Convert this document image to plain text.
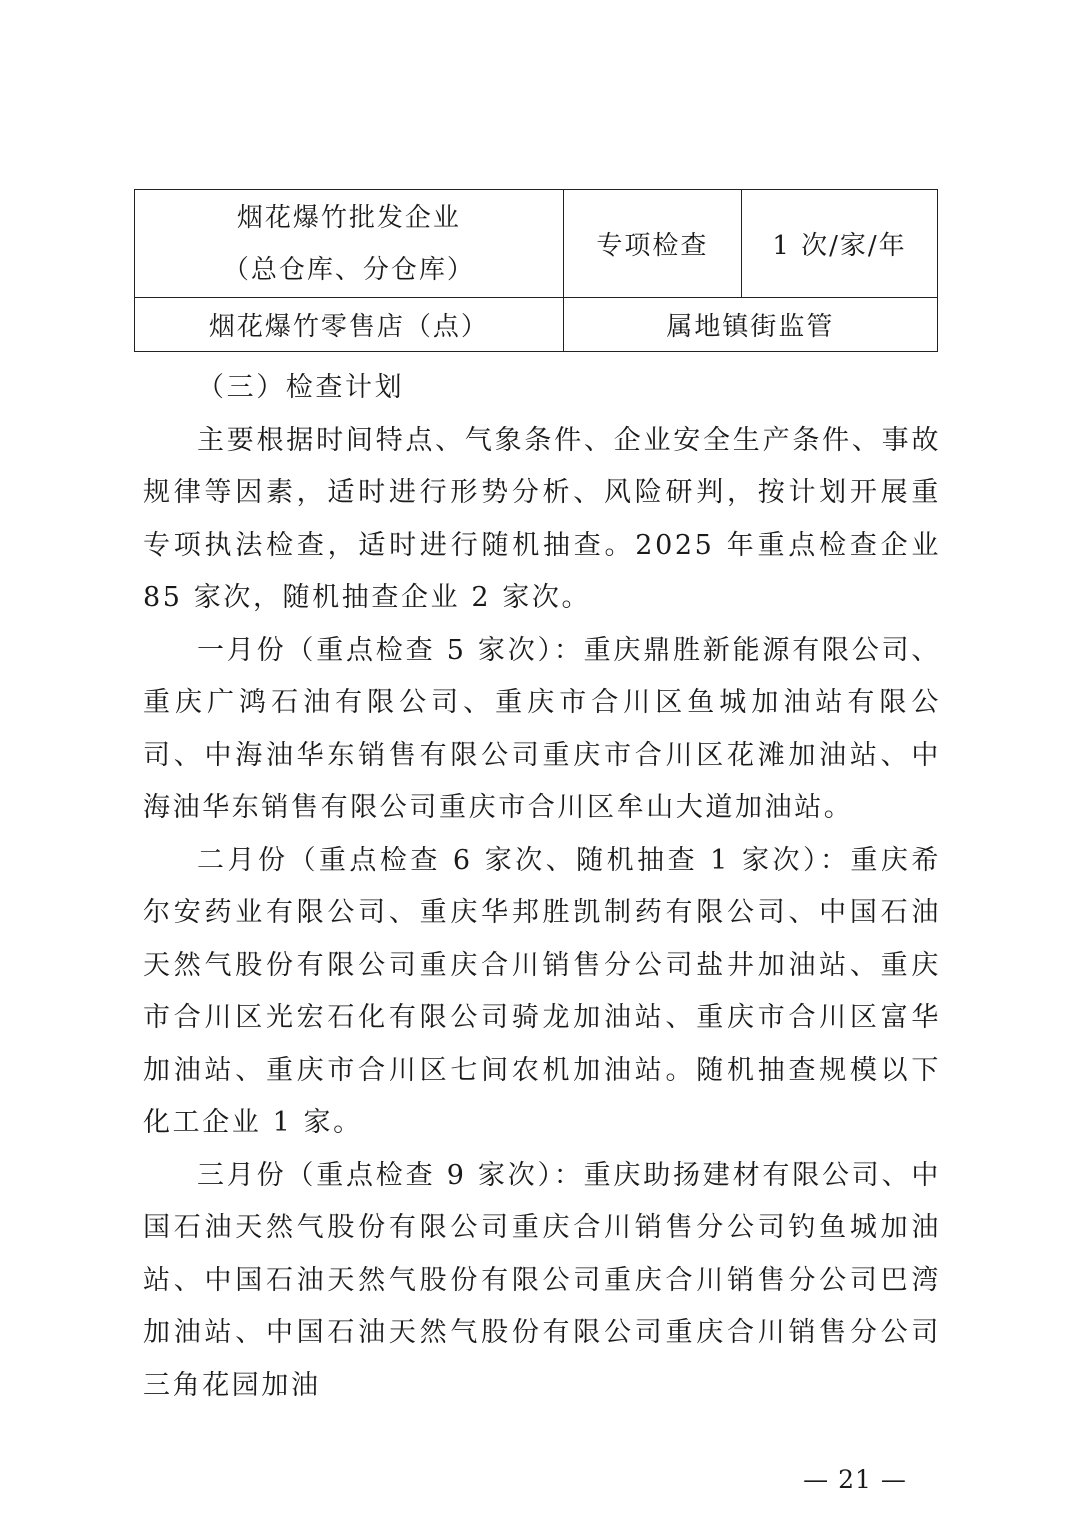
烟花爆竹批发企业
（总仓库、分仓库）	专项检查	1 次/家/年
烟花爆竹零售店（点）	属地镇街监管	

（三）检查计划

主要根据时间特点、气象条件、企业安全生产条件、事故规律等因素，适时进行形势分析、风险研判，按计划开展重专项执法检查，适时进行随机抽查。2025 年重点检查企业 85 家次，随机抽查企业 2 家次。

一月份（重点检查 5 家次）：重庆鼎胜新能源有限公司、重庆广鸿石油有限公司、重庆市合川区鱼城加油站有限公司、中海油华东销售有限公司重庆市合川区花滩加油站、中海油华东销售有限公司重庆市合川区牟山大道加油站。

二月份（重点检查 6 家次、随机抽查 1 家次）：重庆希尔安药业有限公司、重庆华邦胜凯制药有限公司、中国石油天然气股份有限公司重庆合川销售分公司盐井加油站、重庆市合川区光宏石化有限公司骑龙加油站、重庆市合川区富华加油站、重庆市合川区七间农机加油站。随机抽查规模以下化工企业 1 家。

三月份（重点检查 9 家次）：重庆助扬建材有限公司、中国石油天然气股份有限公司重庆合川销售分公司钓鱼城加油站、中国石油天然气股份有限公司重庆合川销售分公司巴湾加油站、中国石油天然气股份有限公司重庆合川销售分公司三角花园加油

— 21 —
